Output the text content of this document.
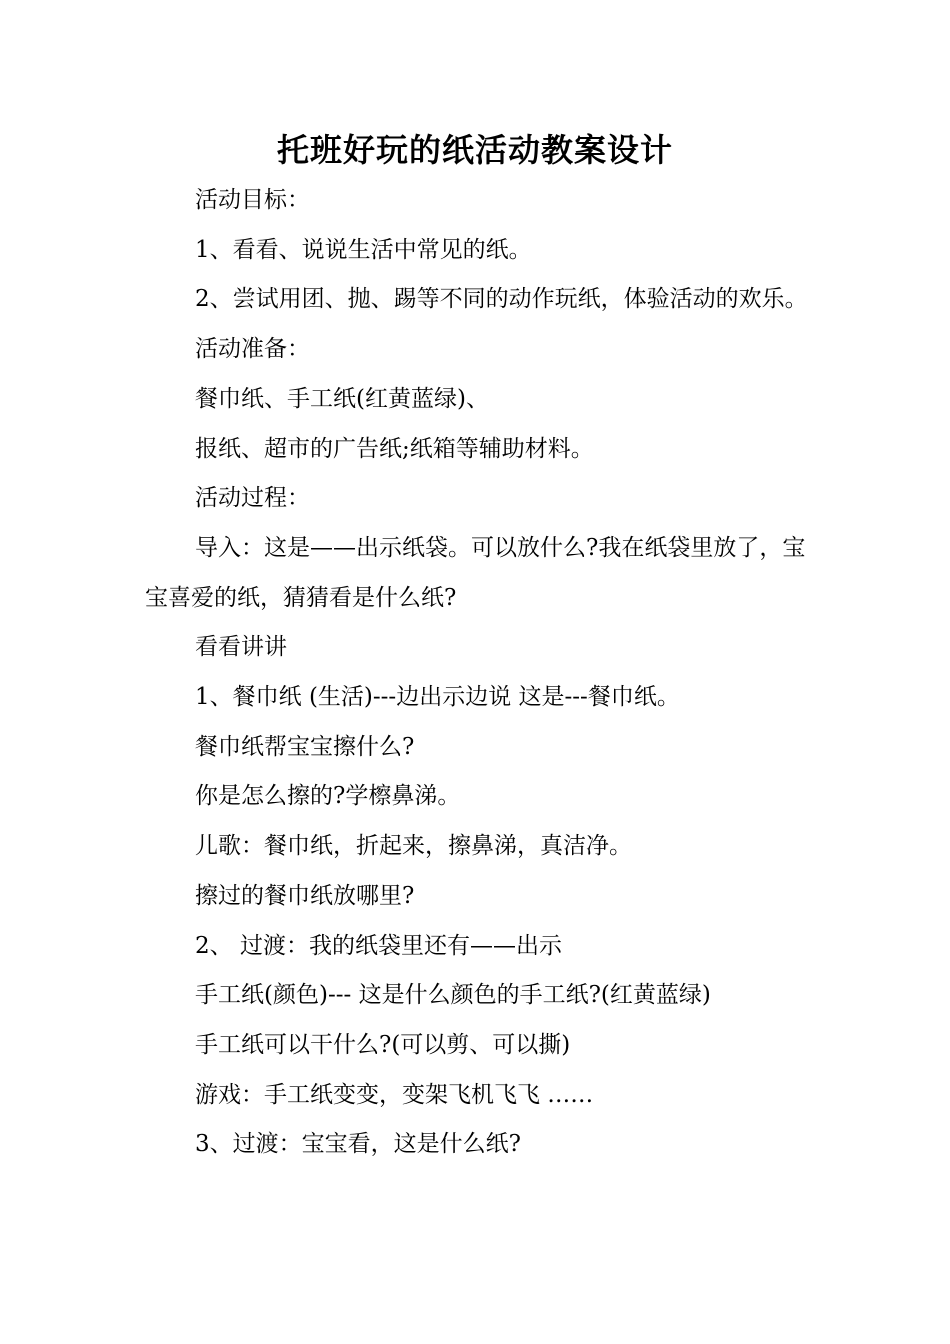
托班好玩的纸活动教案设计

活动目标：

1、看看、说说生活中常见的纸。

2、尝试用团、抛、踢等不同的动作玩纸，体验活动的欢乐。

活动准备：

餐巾纸、手工纸(红黄蓝绿)、

报纸、超市的广告纸;纸箱等辅助材料。

活动过程：

导入：这是——出示纸袋。可以放什么?我在纸袋里放了，宝宝喜爱的纸，猜猜看是什么纸?

看看讲讲

1、餐巾纸 (生活)---边出示边说 这是---餐巾纸。

餐巾纸帮宝宝擦什么?

你是怎么擦的?学檫鼻涕。

儿歌：餐巾纸，折起来，擦鼻涕，真洁净。

擦过的餐巾纸放哪里?

2、 过渡：我的纸袋里还有——出示

手工纸(颜色)--- 这是什么颜色的手工纸?(红黄蓝绿)

手工纸可以干什么?(可以剪、可以撕)

游戏：手工纸变变，变架飞机飞飞 ……

3、过渡：宝宝看，这是什么纸?
